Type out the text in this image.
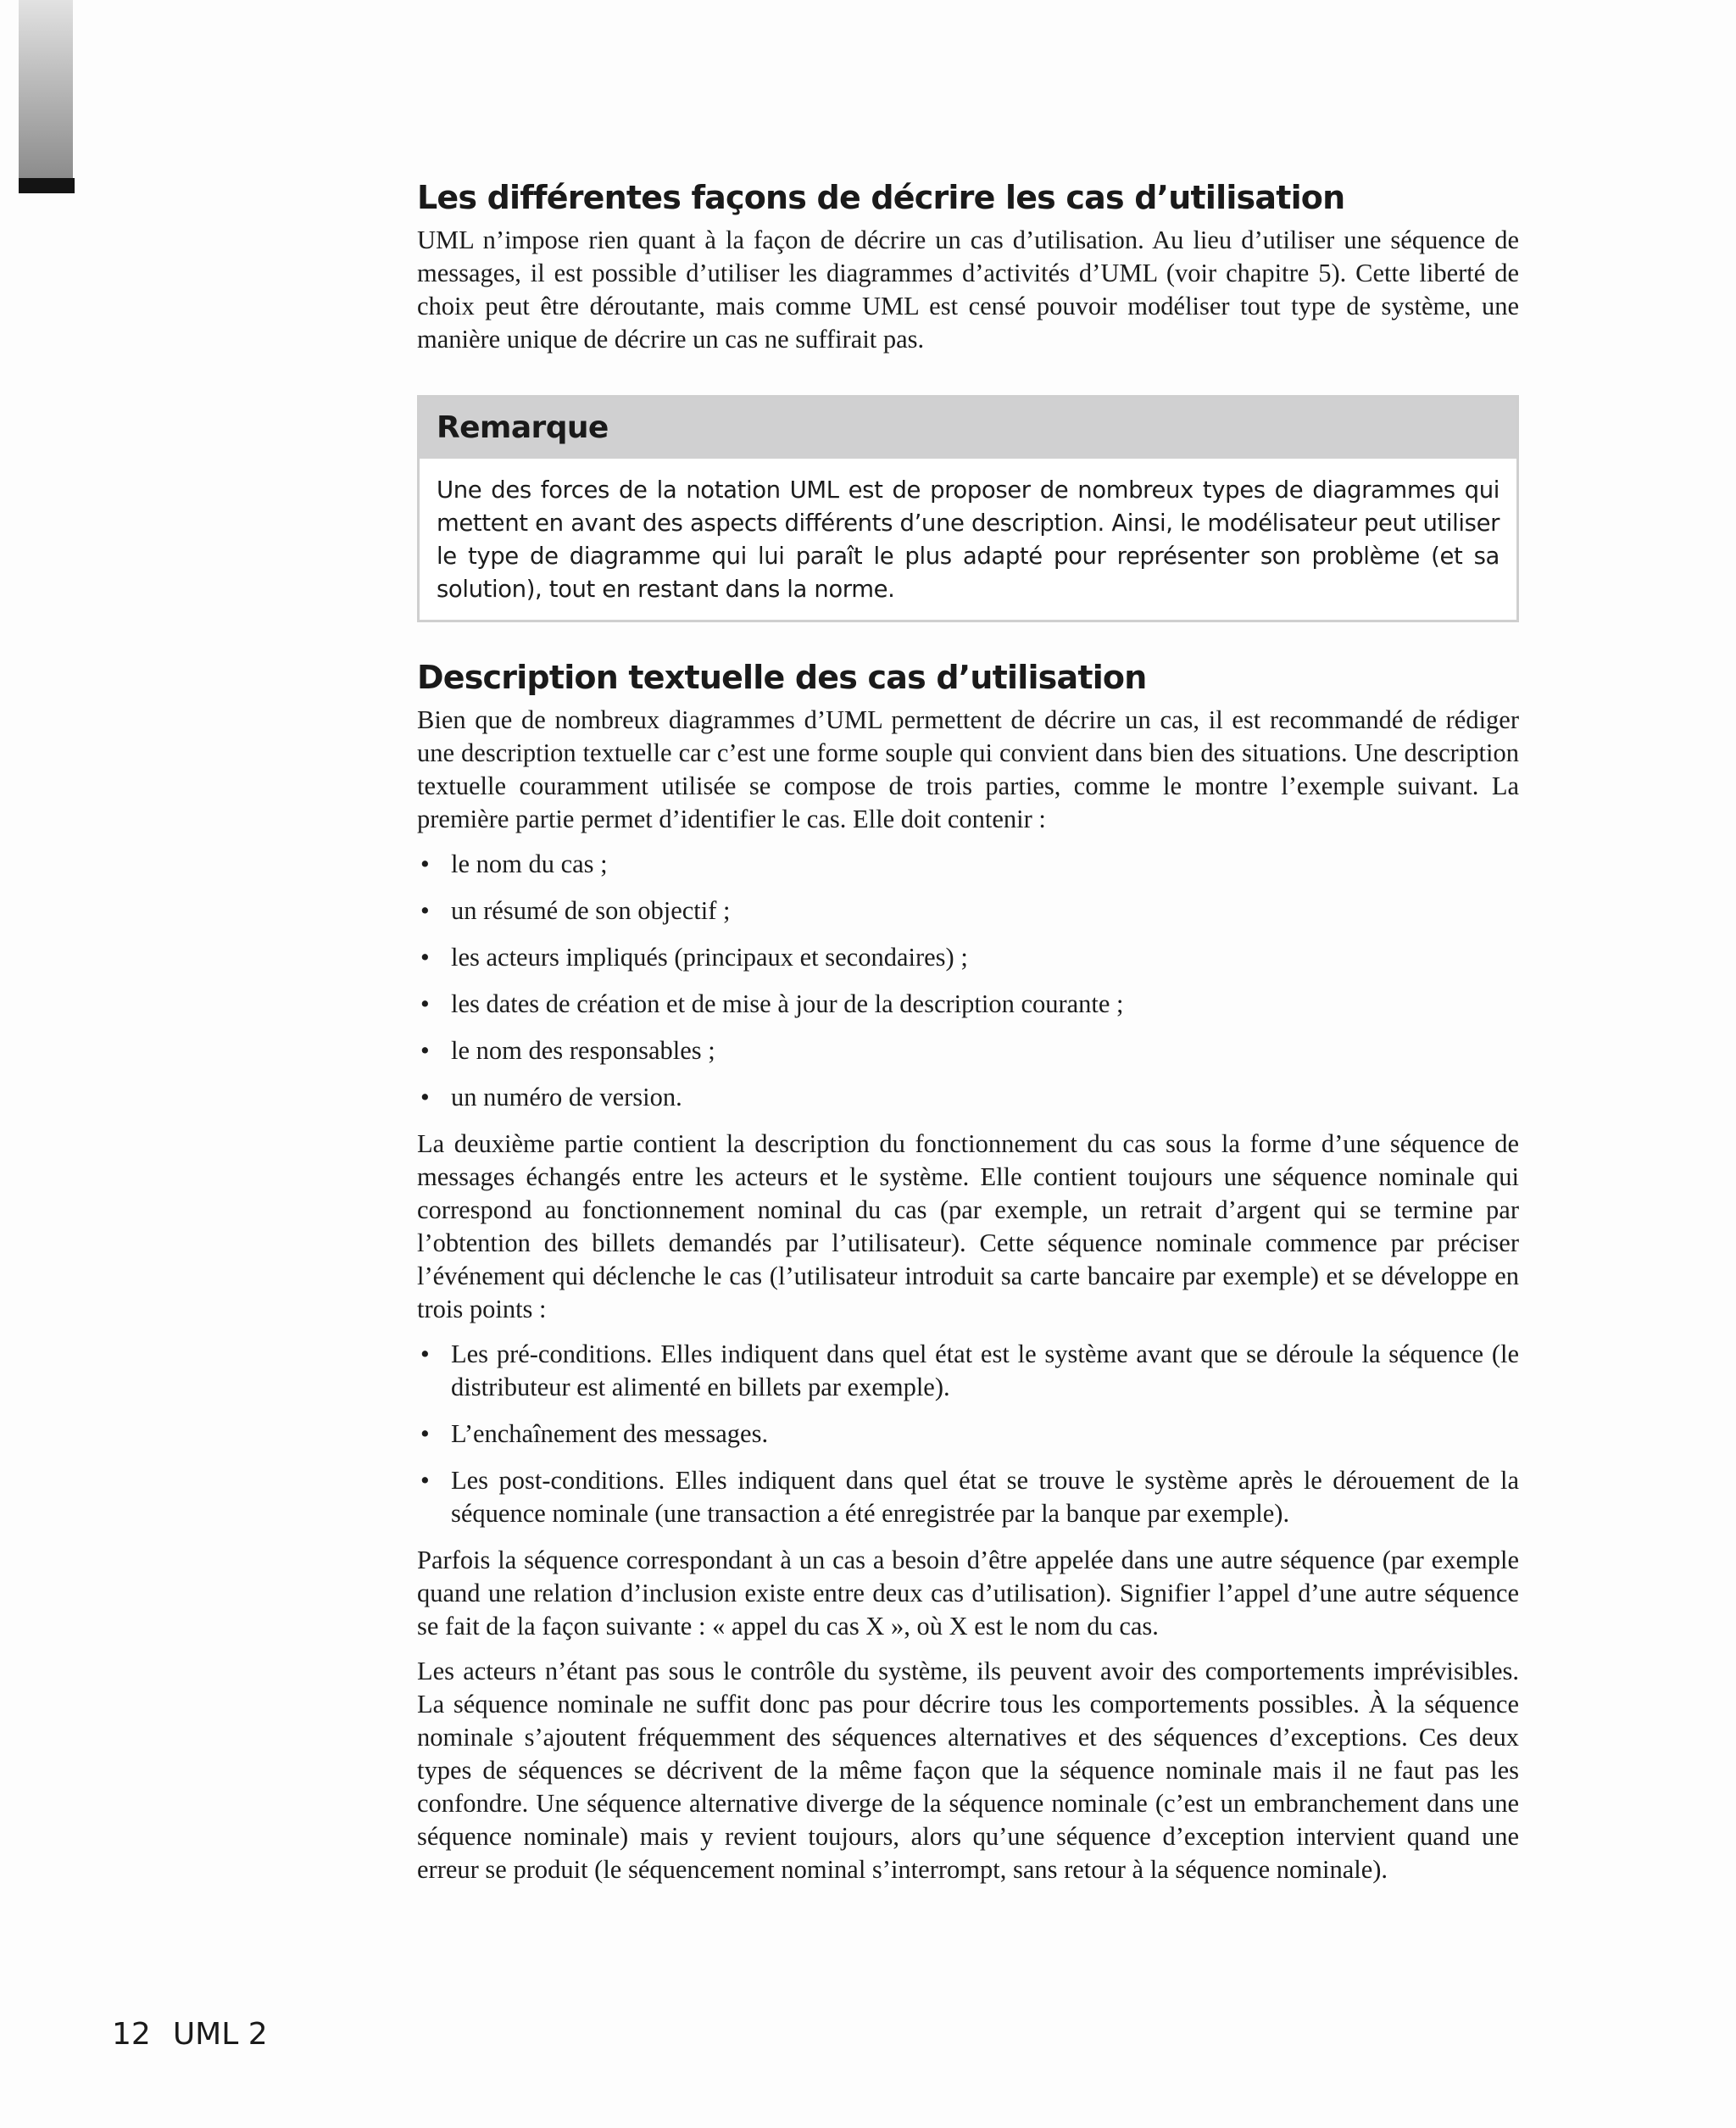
Les différentes façons de décrire les cas d’utilisation

UML n’impose rien quant à la façon de décrire un cas d’utilisation. Au lieu d’utiliser une séquence de messages, il est possible d’utiliser les diagrammes d’activités d’UML (voir chapitre 5). Cette liberté de choix peut être déroutante, mais comme UML est censé pouvoir modéliser tout type de système, une manière unique de décrire un cas ne suffirait pas.

Remarque
Une des forces de la notation UML est de proposer de nombreux types de diagrammes qui mettent en avant des aspects différents d’une description. Ainsi, le modélisateur peut utiliser le type de diagramme qui lui paraît le plus adapté pour représenter son problème (et sa solution), tout en restant dans la norme.
Description textuelle des cas d’utilisation

Bien que de nombreux diagrammes d’UML permettent de décrire un cas, il est recommandé de rédiger une description textuelle car c’est une forme souple qui convient dans bien des situations. Une description textuelle couramment utilisée se compose de trois parties, comme le montre l’exemple suivant. La première partie permet d’identifier le cas. Elle doit contenir :

• le nom du cas ;
• un résumé de son objectif ;
• les acteurs impliqués (principaux et secondaires) ;
• les dates de création et de mise à jour de la description courante ;
• le nom des responsables ;
• un numéro de version.

La deuxième partie contient la description du fonctionnement du cas sous la forme d’une séquence de messages échangés entre les acteurs et le système. Elle contient toujours une séquence nominale qui correspond au fonctionnement nominal du cas (par exemple, un retrait d’argent qui se termine par l’obtention des billets demandés par l’utilisateur). Cette séquence nominale commence par préciser l’événement qui déclenche le cas (l’utilisateur introduit sa carte bancaire par exemple) et se développe en trois points :

• Les pré-conditions. Elles indiquent dans quel état est le système avant que se déroule la séquence (le distributeur est alimenté en billets par exemple).
• L’enchaînement des messages.
• Les post-conditions. Elles indiquent dans quel état se trouve le système après le dérouement de la séquence nominale (une transaction a été enregistrée par la banque par exemple).

Parfois la séquence correspondant à un cas a besoin d’être appelée dans une autre séquence (par exemple quand une relation d’inclusion existe entre deux cas d’utilisation). Signifier l’appel d’une autre séquence se fait de la façon suivante : « appel du cas X », où X est le nom du cas.

Les acteurs n’étant pas sous le contrôle du système, ils peuvent avoir des comportements imprévisibles. La séquence nominale ne suffit donc pas pour décrire tous les comportements possibles. À la séquence nominale s’ajoutent fréquemment des séquences alternatives et des séquences d’exceptions. Ces deux types de séquences se décrivent de la même façon que la séquence nominale mais il ne faut pas les confondre. Une séquence alternative diverge de la séquence nominale (c’est un embranchement dans une séquence nominale) mais y revient toujours, alors qu’une séquence d’exception intervient quand une erreur se produit (le séquencement nominal s’interrompt, sans retour à la séquence nominale).

12 UML 2
